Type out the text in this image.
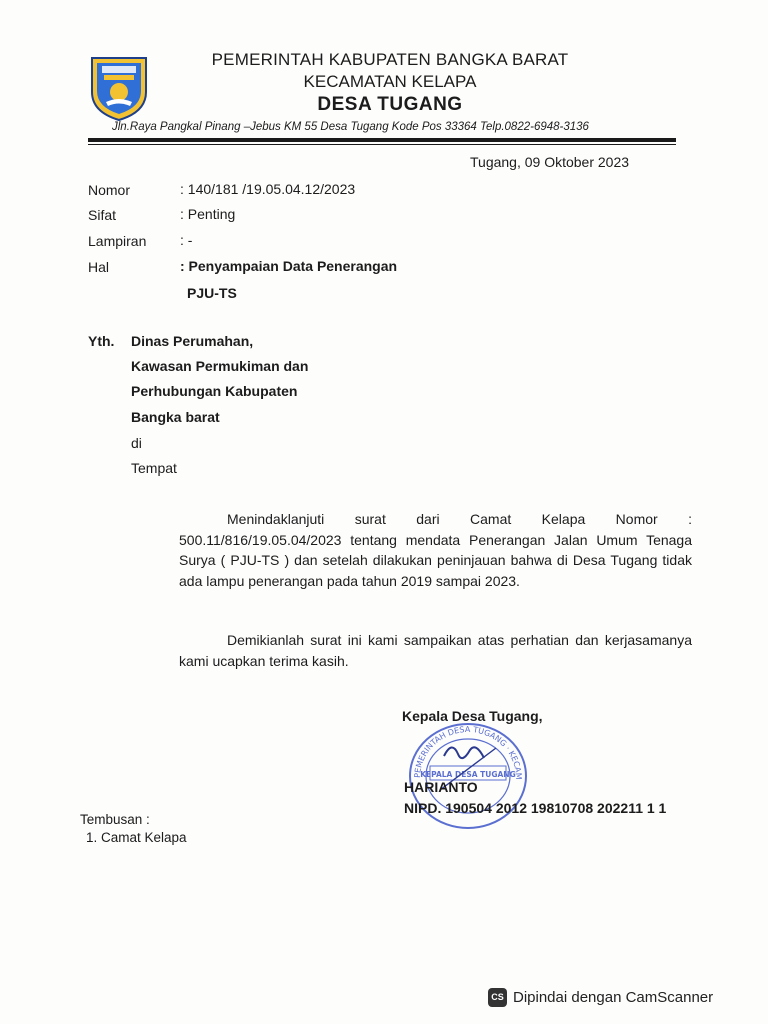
PEMERINTAH KABUPATEN BANGKA BARAT
KECAMATAN KELAPA
DESA TUGANG
Jln.Raya Pangkal Pinang –Jebus KM 55 Desa Tugang Kode Pos 33364 Telp.0822-6948-3136
Tugang, 09 Oktober 2023
Nomor	: 140/181 /19.05.04.12/2023
Sifat	: Penting
Lampiran : -
Hal	: Penyampaian Data Penerangan
PJU-TS
Yth. Dinas Perumahan,
Kawasan Permukiman dan
Perhubungan Kabupaten
Bangka barat
di
Tempat
Menindaklanjuti surat dari Camat Kelapa Nomor : 500.11/816/19.05.04/2023 tentang mendata Penerangan Jalan Umum Tenaga Surya ( PJU-TS ) dan setelah dilakukan peninjauan bahwa di Desa Tugang tidak ada lampu penerangan pada tahun 2019 sampai 2023.
Demikianlah surat ini kami sampaikan atas perhatian dan kerjasamanya kami ucapkan terima kasih.
Kepala Desa Tugang,
PEMERINTAH DESA TUGANG · KECAM
KEPALA DESA TUGANG
HARIANTO
NIPD. 190504 2012 19810708 202211 1 1
Tembusan :
1. Camat Kelapa
CS Dipindai dengan CamScanner
